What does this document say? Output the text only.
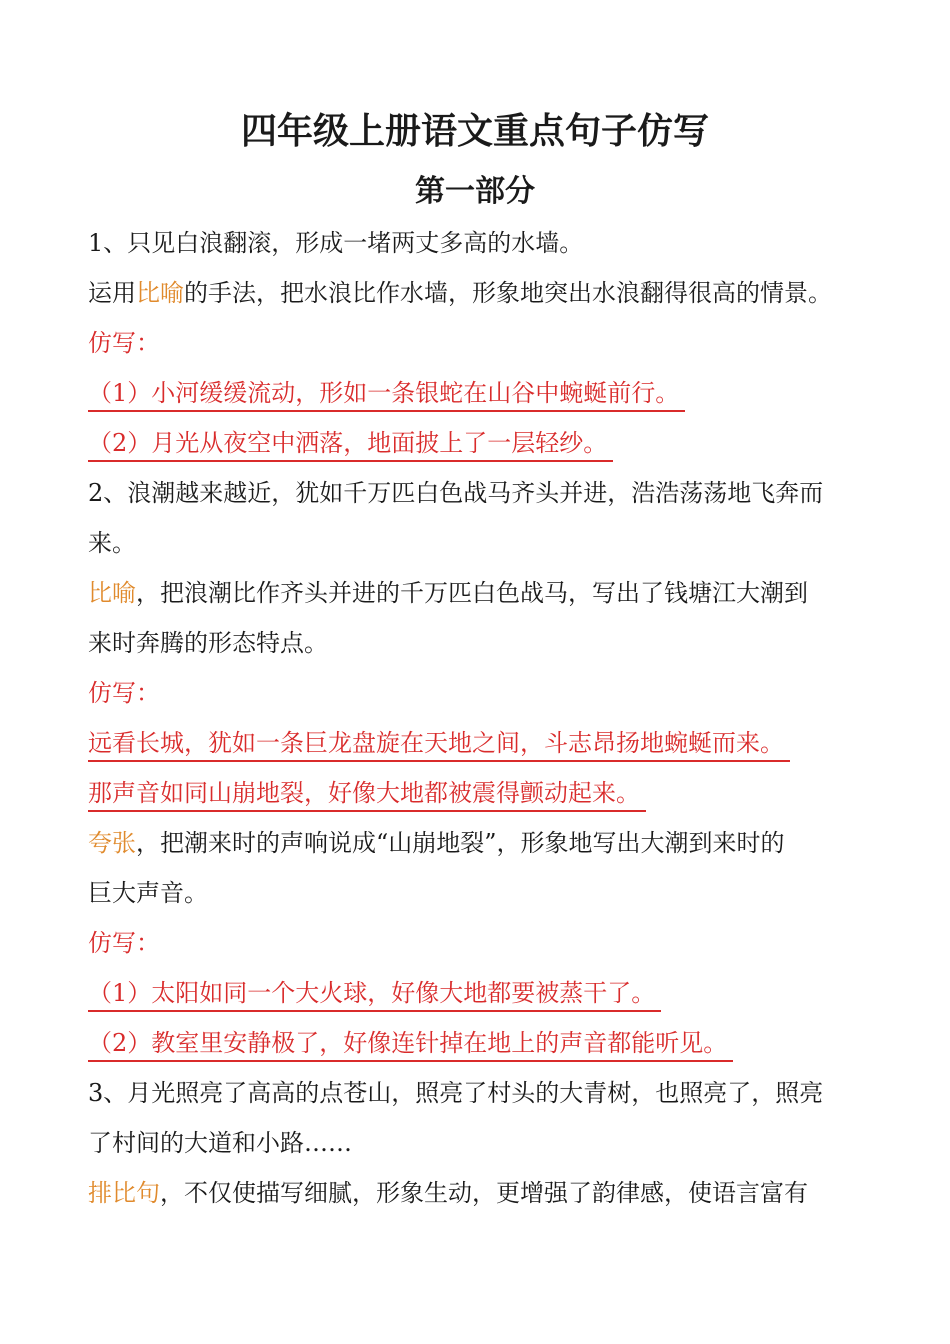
四年级上册语文重点句子仿写
第一部分

1、只见白浪翻滚，形成一堵两丈多高的水墙。

运用比喻的手法，把水浪比作水墙，形象地突出水浪翻得很高的情景。

仿写：

（1）小河缓缓流动，形如一条银蛇在山谷中蜿蜒前行。

（2）月光从夜空中洒落，地面披上了一层轻纱。

2、浪潮越来越近，犹如千万匹白色战马齐头并进，浩浩荡荡地飞奔而

来。

比喻，把浪潮比作齐头并进的千万匹白色战马，写出了钱塘江大潮到

来时奔腾的形态特点。

仿写：

远看长城，犹如一条巨龙盘旋在天地之间，斗志昂扬地蜿蜒而来。

那声音如同山崩地裂，好像大地都被震得颤动起来。

夸张，把潮来时的声响说成“山崩地裂”，形象地写出大潮到来时的

巨大声音。

仿写：

（1）太阳如同一个大火球，好像大地都要被蒸干了。

（2）教室里安静极了，好像连针掉在地上的声音都能听见。

3、月光照亮了高高的点苍山，照亮了村头的大青树，也照亮了，照亮

了村间的大道和小路……

排比句，不仅使描写细腻，形象生动，更增强了韵律感，使语言富有
